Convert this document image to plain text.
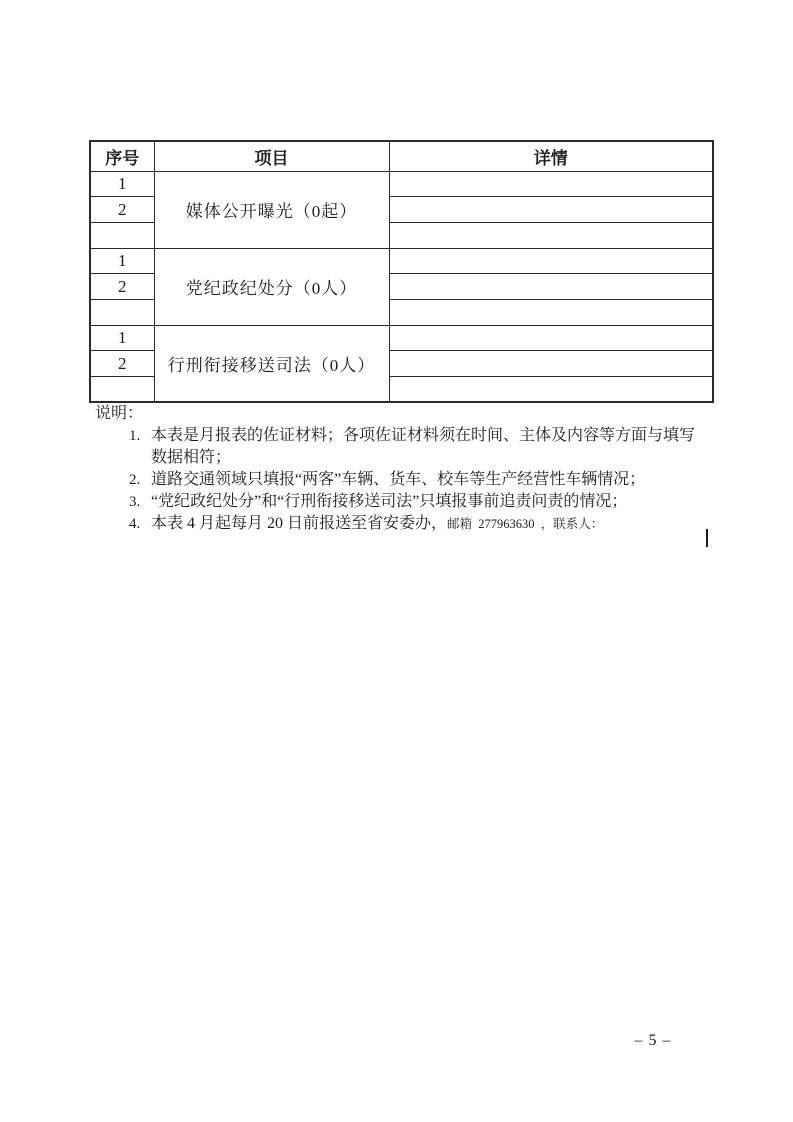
序号	项目	详情
1	媒体公开曝光（0起）	
2		

1	党纪政纪处分（0人）	
2		

1	行刑衔接移送司法（0人）	
2		

说明：
1. 本表是月报表的佐证材料；各项佐证材料须在时间、主体及内容等方面与填写数据相符；
2. 道路交通领域只填报“两客”车辆、货车、校车等生产经营性车辆情况；
3. “党纪政纪处分”和“行刑衔接移送司法”只填报事前追责问责的情况；
4. 本表 4 月起每月 20 日前报送至省安委办，邮箱  277963630  ，联系人：
– 5 –
